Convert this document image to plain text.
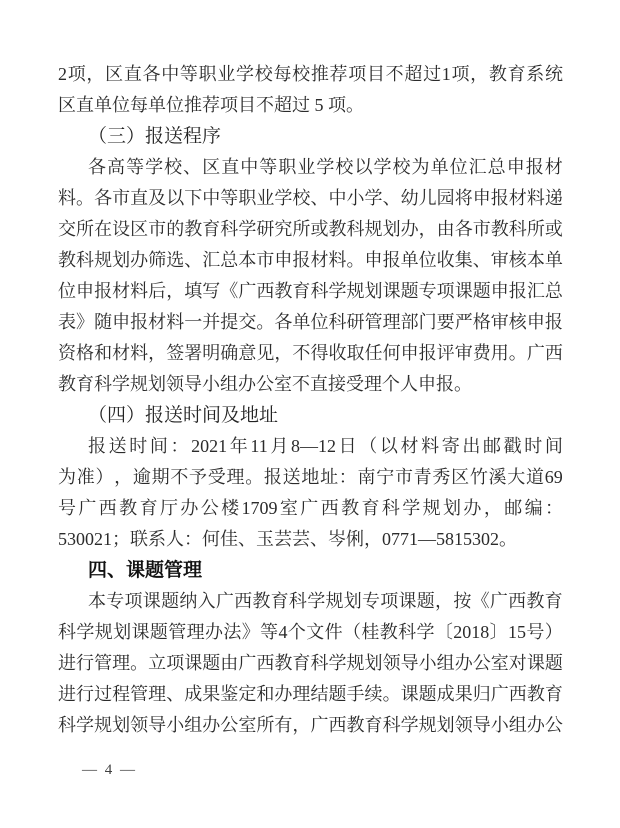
2 项 ， 区 直 各 中 等 职 业 学 校 每 校 推 荐 项 目 不 超 过 1 项 ， 教 育 系 统
区直单位每单位推荐项目不超过 5 项。
（三）报送程序
各 高 等 学 校 、 区 直 中 等 职 业 学 校 以 学 校 为 单 位 汇 总 申 报 材
料 。 各 市 直 及 以 下 中 等 职 业 学 校 、 中 小 学 、 幼 儿 园 将 申 报 材 料 递
交 所 在 设 区 市 的 教 育 科 学 研 究 所 或 教 科 规 划 办 ， 由 各 市 教 科 所 或
教 科 规 划 办 筛 选 、 汇 总 本 市 申 报 材 料 。 申 报 单 位 收 集 、 审 核 本 单
位 申 报 材 料 后 ， 填 写 《 广 西 教 育 科 学 规 划 课 题 专 项 课 题 申 报 汇 总
表 》 随 申 报 材 料 一 并 提 交 。 各 单 位 科 研 管 理 部 门 要 严 格 审 核 申 报
资 格 和 材 料 ， 签 署 明 确 意 见 ， 不 得 收 取 任 何 申 报 评 审 费 用 。 广 西
教育科学规划领导小组办公室不直接受理个人申报。
（四）报送时间及地址
报 送 时 间 ： 2021 年 11 月 8—12 日 （ 以 材 料 寄 出 邮 戳 时 间
为 准 ） ， 逾 期 不 予 受 理 。 报 送 地 址 ： 南 宁 市 青 秀 区 竹 溪 大 道 69
号 广 西 教 育 厅 办 公 楼 1709 室 广 西 教 育 科 学 规 划 办 ， 邮 编 ：
530021；联系人：何佳、玉芸芸、岑俐，0771—5815302。
四、课题管理
本 专 项 课 题 纳 入 广 西 教 育 科 学 规 划 专 项 课 题 ， 按 《 广 西 教 育
科 学 规 划 课 题 管 理 办 法 》 等 4 个 文 件 （ 桂 教 科 学 〔 2018 〕 15 号 ）
进 行 管 理 。 立 项 课 题 由 广 西 教 育 科 学 规 划 领 导 小 组 办 公 室 对 课 题
进 行 过 程 管 理 、 成 果 鉴 定 和 办 理 结 题 手 续 。 课 题 成 果 归 广 西 教 育
科 学 规 划 领 导 小 组 办 公 室 所 有 ， 广 西 教 育 科 学 规 划 领 导 小 组 办 公
— 4 —
